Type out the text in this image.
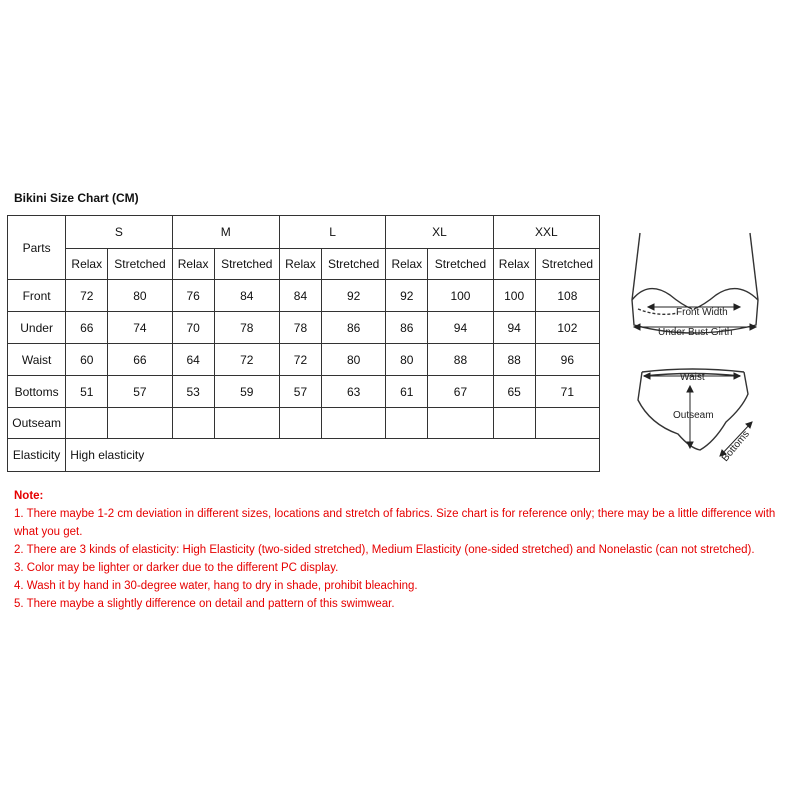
Bikini Size Chart (CM)
Parts	S		M		L		XL		XXL	
	Relax	Stretched	Relax	Stretched	Relax	Stretched	Relax	Stretched	Relax	Stretched
Front	72	80	76	84	84	92	92	100	100	108
Under	66	74	70	78	78	86	86	94	94	102
Waist	60	66	64	72	72	80	80	88	88	96
Bottoms	51	57	53	59	57	63	61	67	65	71
Outseam										
Elasticity	High elasticity									
Front Width
Under Bust Girth
Waist
Outseam
Bottoms

Note:

1. There maybe 1-2 cm deviation in different sizes, locations and stretch of fabrics. Size chart is for reference only; there may be a little difference with what you get.

2. There are 3 kinds of elasticity: High Elasticity (two-sided stretched), Medium Elasticity (one-sided stretched) and Nonelastic (can not stretched).

3. Color may be lighter or darker due to the different PC display.

4. Wash it by hand in 30-degree water, hang to dry in shade, prohibit bleaching.

5. There maybe a slightly difference on detail and pattern of this swimwear.
